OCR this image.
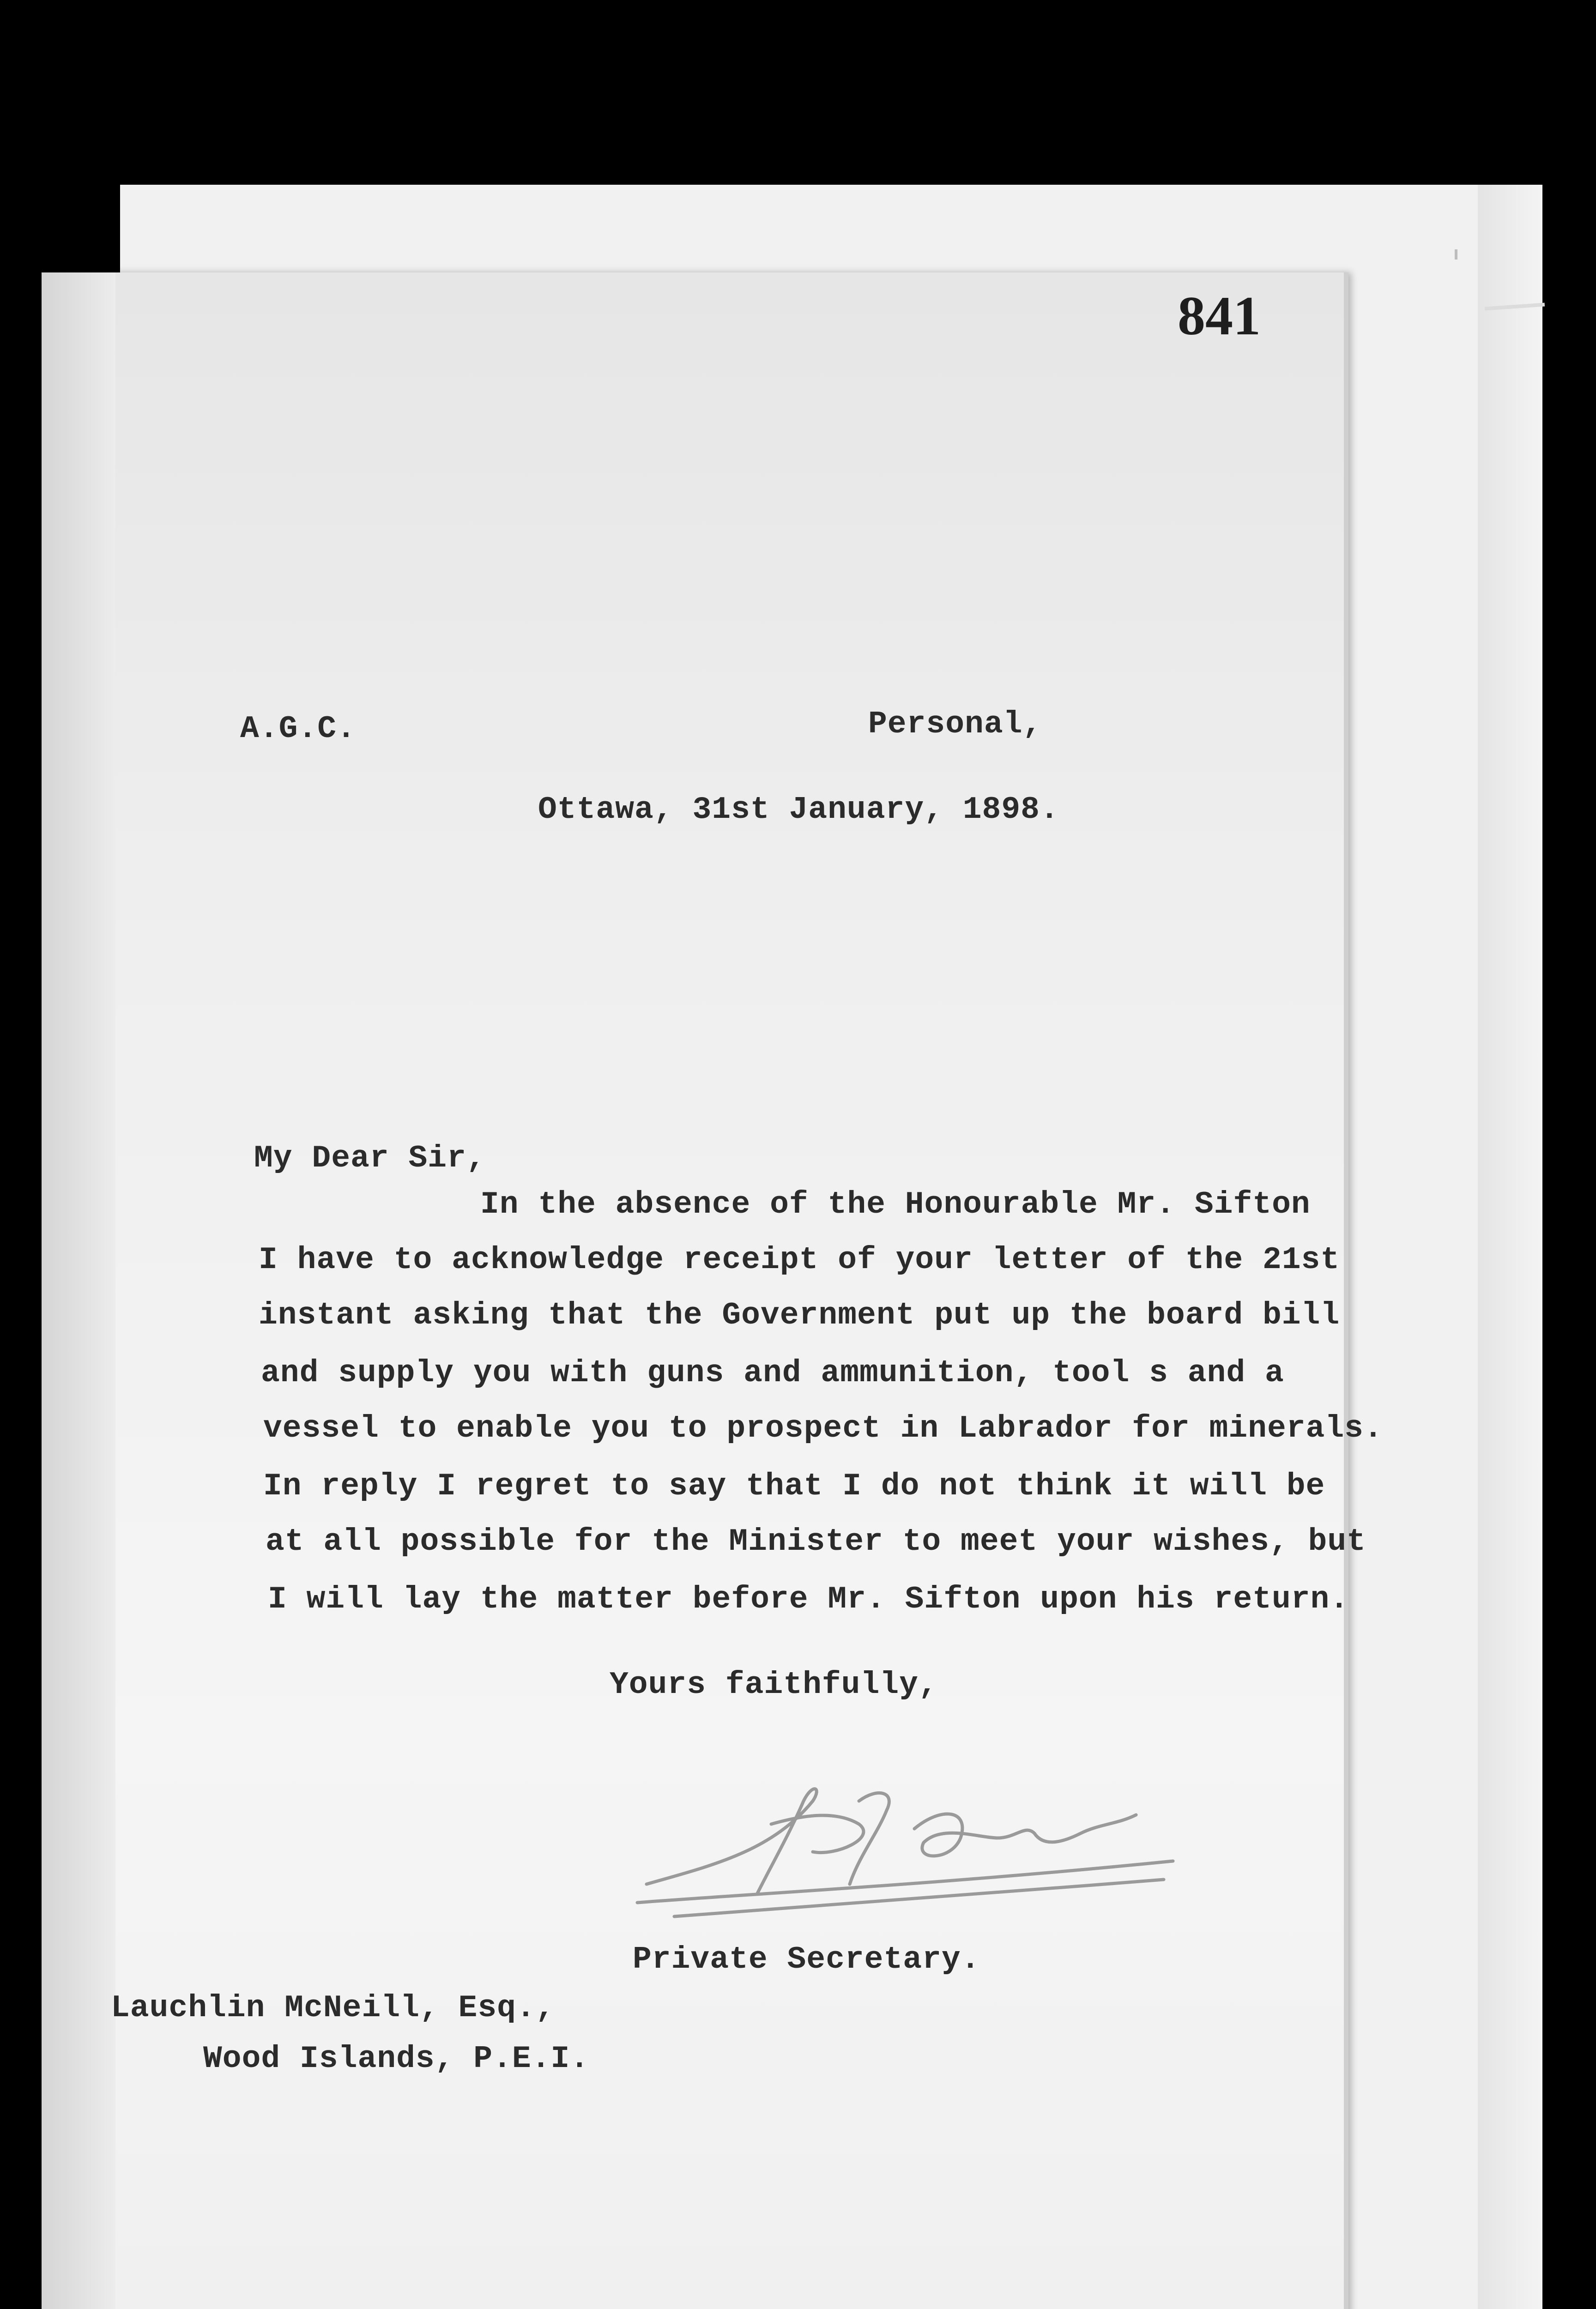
841
A.G.C.	Personal,
Ottawa, 31st January, 1898.
My Dear Sir,
In the absence of the Honourable Mr. Sifton
I have to acknowledge receipt of your letter of the 21st
instant asking that the Government put up the board bill
and supply you with guns and ammunition, tool s and a
vessel to enable you to prospect in Labrador for minerals.
In reply I regret to say that I do not think it will be
at all possible for the Minister to meet your wishes, but
I will lay the matter before Mr. Sifton upon his return.
Yours faithfully,
Private Secretary.
Lauchlin McNeill, Esq.,
Wood Islands, P.E.I.
